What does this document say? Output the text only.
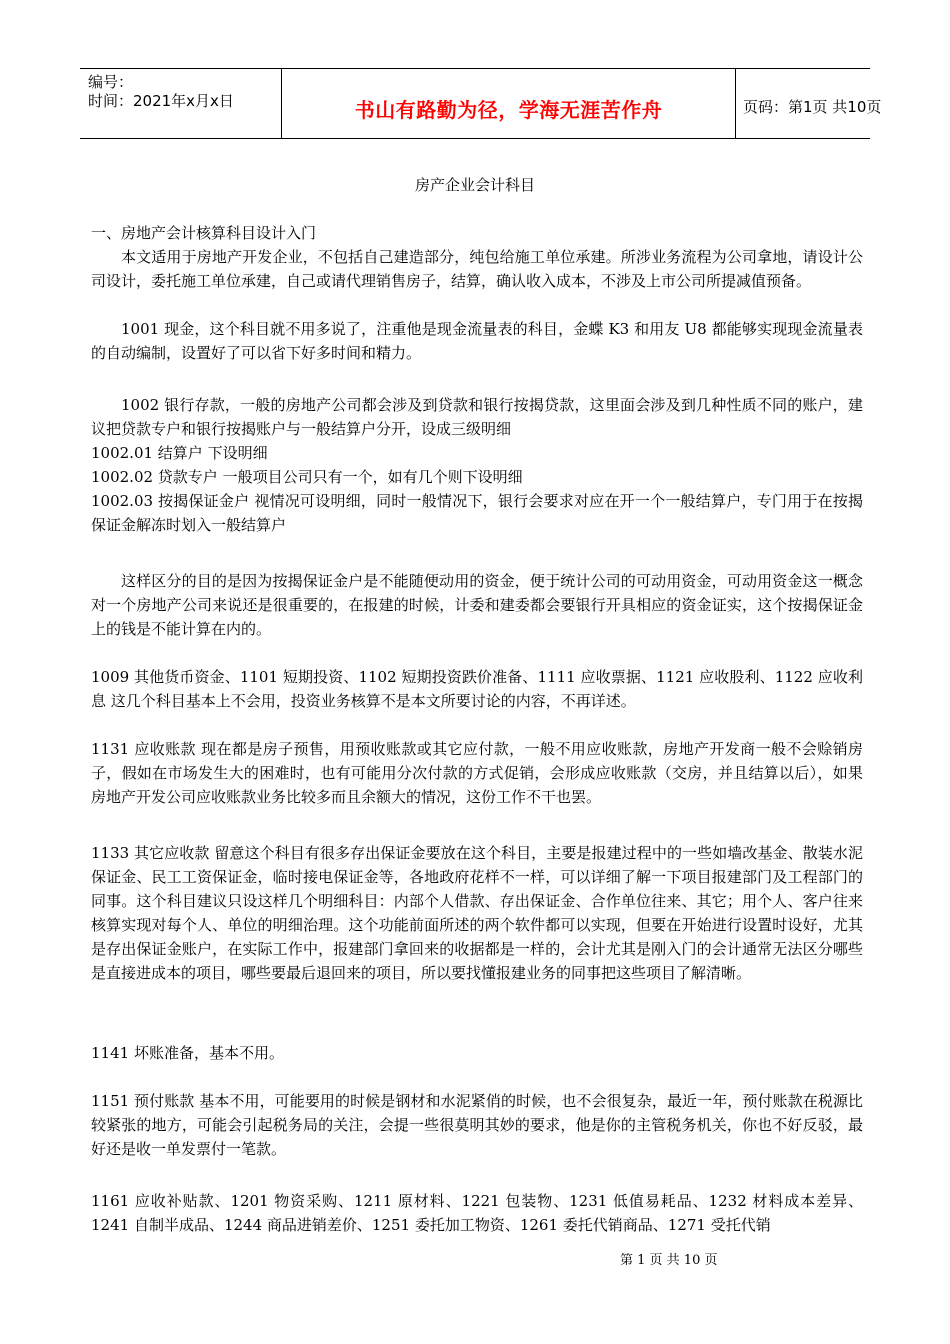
编号：
时间：2021年x月x日	书山有路勤为径，学海无涯苦作舟	页码：第1页 共10页
房产企业会计科目
一、房地产会计核算科目设计入门
本文适用于房地产开发企业，不包括自己建造部分，纯包给施工单位承建。所涉业务流程为公司拿地，请设计公司设计，委托施工单位承建，自己或请代理销售房子，结算，确认收入成本，不涉及上市公司所提减值预备。
1001 现金，这个科目就不用多说了，注重他是现金流量表的科目，金蝶 K3 和用友 U8 都能够实现现金流量表的自动编制，设置好了可以省下好多时间和精力。
1002 银行存款，一般的房地产公司都会涉及到贷款和银行按揭贷款，这里面会涉及到几种性质不同的账户，建议把贷款专户和银行按揭账户与一般结算户分开，设成三级明细
1002.01 结算户 下设明细
1002.02 贷款专户 一般项目公司只有一个，如有几个则下设明细
1002.03 按揭保证金户 视情况可设明细，同时一般情况下，银行会要求对应在开一个一般结算户，专门用于在按揭保证金解冻时划入一般结算户
这样区分的目的是因为按揭保证金户是不能随便动用的资金，便于统计公司的可动用资金，可动用资金这一概念对一个房地产公司来说还是很重要的，在报建的时候，计委和建委都会要银行开具相应的资金证实，这个按揭保证金上的钱是不能计算在内的。
1009 其他货币资金、1101 短期投资、1102 短期投资跌价准备、1111 应收票据、1121 应收股利、1122 应收利息 这几个科目基本上不会用，投资业务核算不是本文所要讨论的内容，不再详述。
1131 应收账款 现在都是房子预售，用预收账款或其它应付款，一般不用应收账款，房地产开发商一般不会赊销房子，假如在市场发生大的困难时，也有可能用分次付款的方式促销，会形成应收账款（交房，并且结算以后），如果房地产开发公司应收账款业务比较多而且余额大的情况，这份工作不干也罢。
1133 其它应收款 留意这个科目有很多存出保证金要放在这个科目，主要是报建过程中的一些如墙改基金、散装水泥保证金、民工工资保证金，临时接电保证金等，各地政府花样不一样，可以详细了解一下项目报建部门及工程部门的同事。这个科目建议只设这样几个明细科目：内部个人借款、存出保证金、合作单位往来、其它；用个人、客户往来核算实现对每个人、单位的明细治理。这个功能前面所述的两个软件都可以实现，但要在开始进行设置时设好，尤其是存出保证金账户，在实际工作中，报建部门拿回来的收据都是一样的，会计尤其是刚入门的会计通常无法区分哪些是直接进成本的项目，哪些要最后退回来的项目，所以要找懂报建业务的同事把这些项目了解清晰。
1141 坏账准备，基本不用。
1151 预付账款 基本不用，可能要用的时候是钢材和水泥紧俏的时候，也不会很复杂，最近一年，预付账款在税源比较紧张的地方，可能会引起税务局的关注，会提一些很莫明其妙的要求，他是你的主管税务机关，你也不好反驳，最好还是收一单发票付一笔款。
1161 应收补贴款、1201 物资采购、1211 原材料、1221 包装物、1231 低值易耗品、1232 材料成本差异、1241 自制半成品、1244 商品进销差价、1251 委托加工物资、1261 委托代销商品、1271 受托代销
第 1 页 共 10 页
